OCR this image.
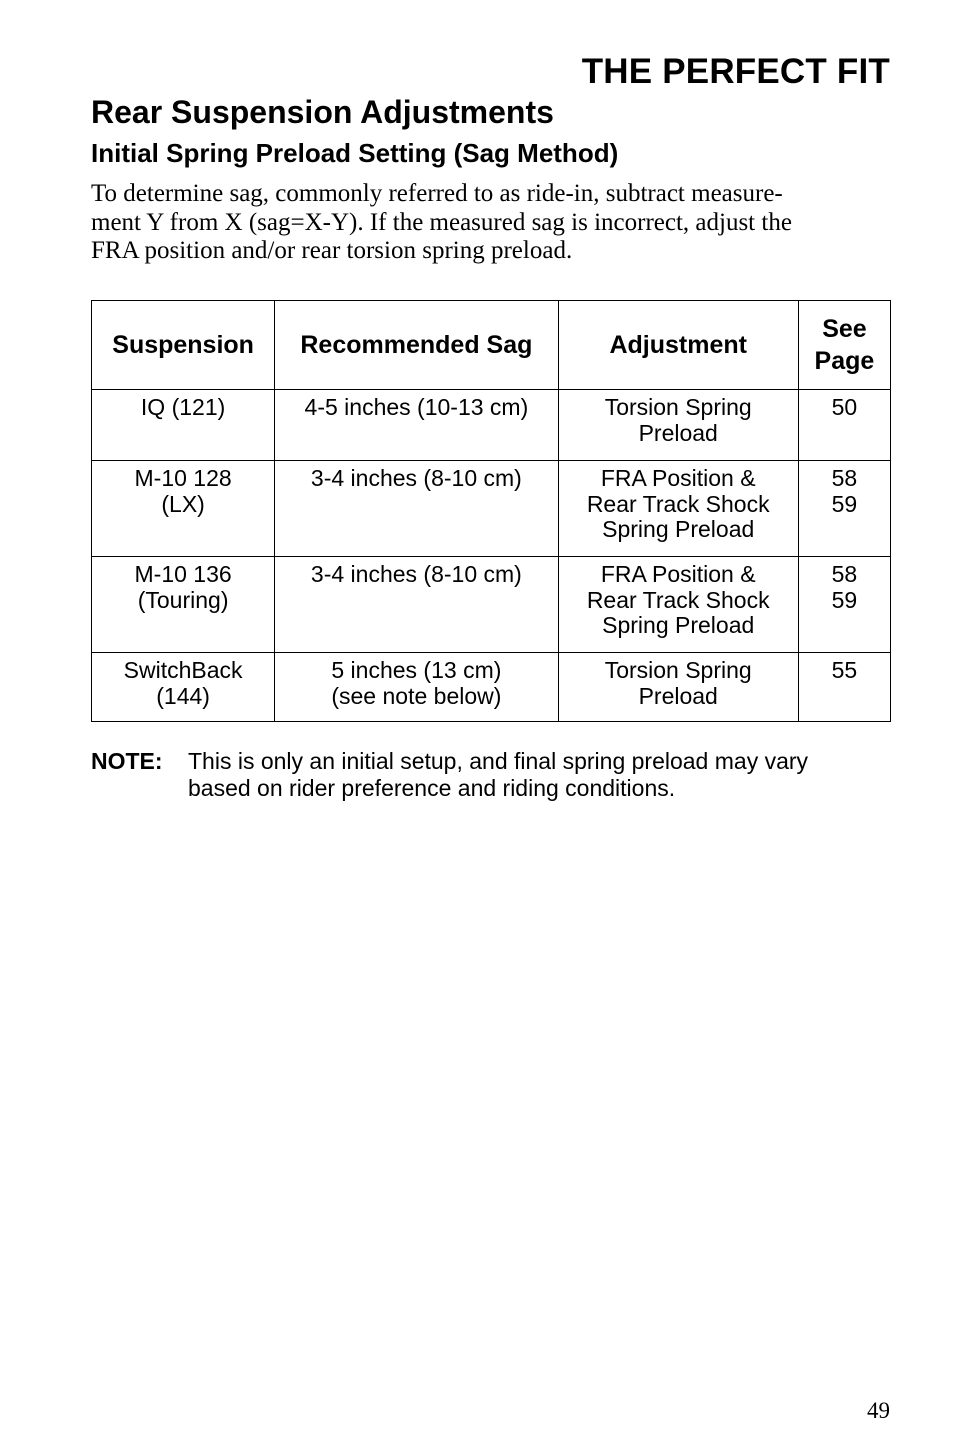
THE PERFECT FIT
Rear Suspension Adjustments
Initial Spring Preload Setting (Sag Method)

To determine sag, commonly referred to as ride-in, subtract measure-
ment Y from X (sag=X-Y). If the measured sag is incorrect, adjust the
FRA position and/or rear torsion spring preload.

Suspension	Recommended Sag	Adjustment	See
Page

IQ (121)	4-5 inches (10-13 cm)	Torsion Spring
Preload	50

M-10 128
(LX)	3-4 inches (8-10 cm)	FRA Position &
Rear Track Shock
Spring Preload	58
59

M-10 136
(Touring)	3-4 inches (8-10 cm)	FRA Position &
Rear Track Shock
Spring Preload	58
59

SwitchBack
(144)	5 inches (13 cm)
(see note below)	Torsion Spring
Preload	55
NOTE: This is only an initial setup, and final spring preload may vary
based on rider preference and riding conditions.
49
